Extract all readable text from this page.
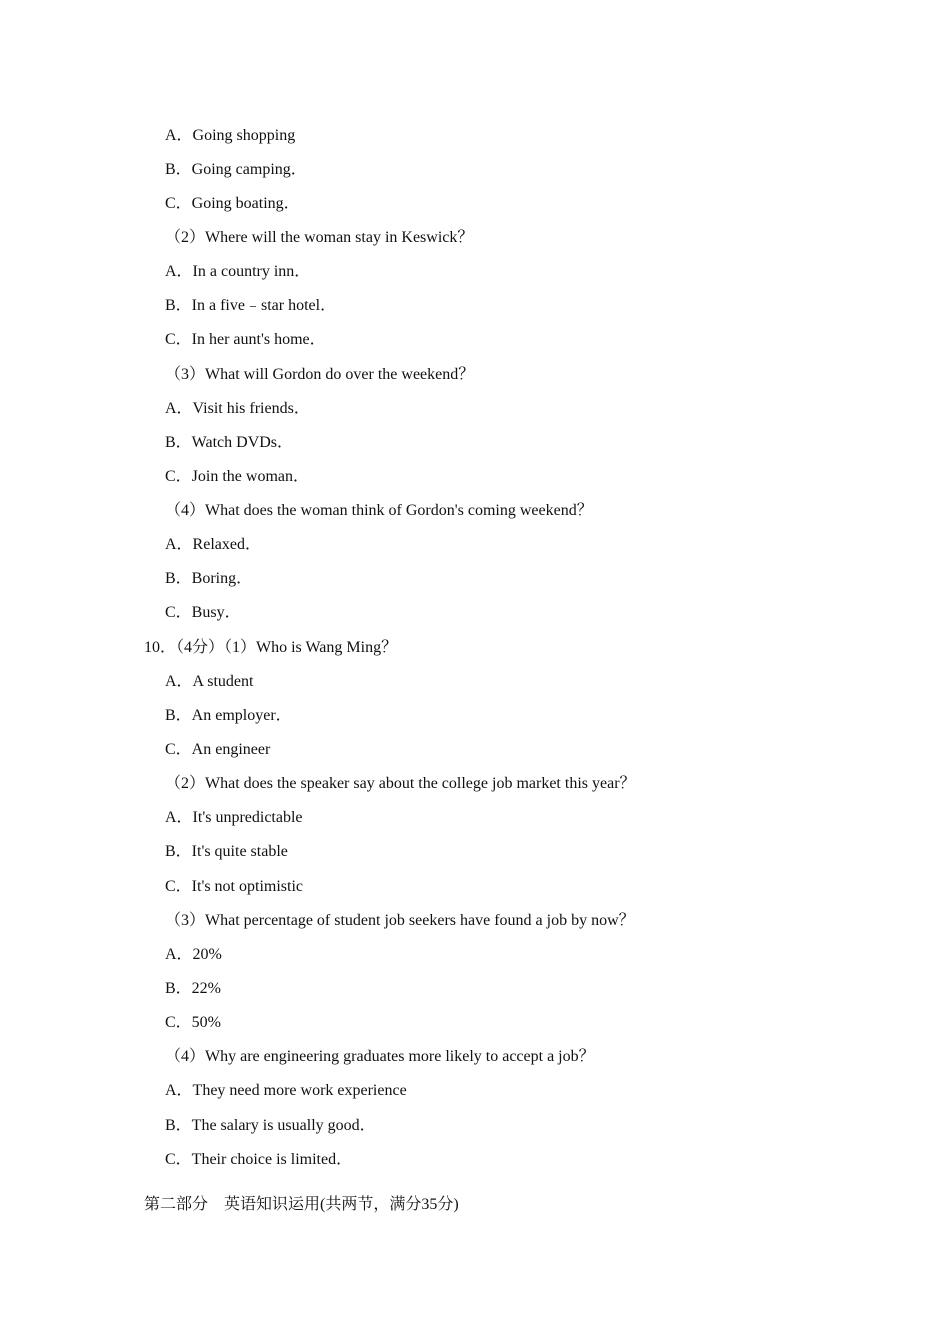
A．Going shopping
B．Going camping．
C．Going boating．
（2）Where will the woman stay in Keswick？
A．In a country inn．
B．In a five﹣star hotel．
C．In her aunt's home．
（3）What will Gordon do over the weekend？
A．Visit his friends．
B．Watch DVDs．
C．Join the woman．
（4）What does the woman think of Gordon's coming weekend？
A．Relaxed．
B．Boring．
C．Busy．
10．（4分）（1）Who is Wang Ming？
A．A student
B．An employer．
C．An engineer
（2）What does the speaker say about the college job market this year？
A．It's unpredictable
B．It's quite stable
C．It's not optimistic
（3）What percentage of student job seekers have found a job by now？
A．20%
B．22%
C．50%
（4）Why are engineering graduates more likely to accept a job？
A．They need more work experience
B．The salary is usually good．
C．Their choice is limited．
第二部分　英语知识运用(共两节，满分35分)
